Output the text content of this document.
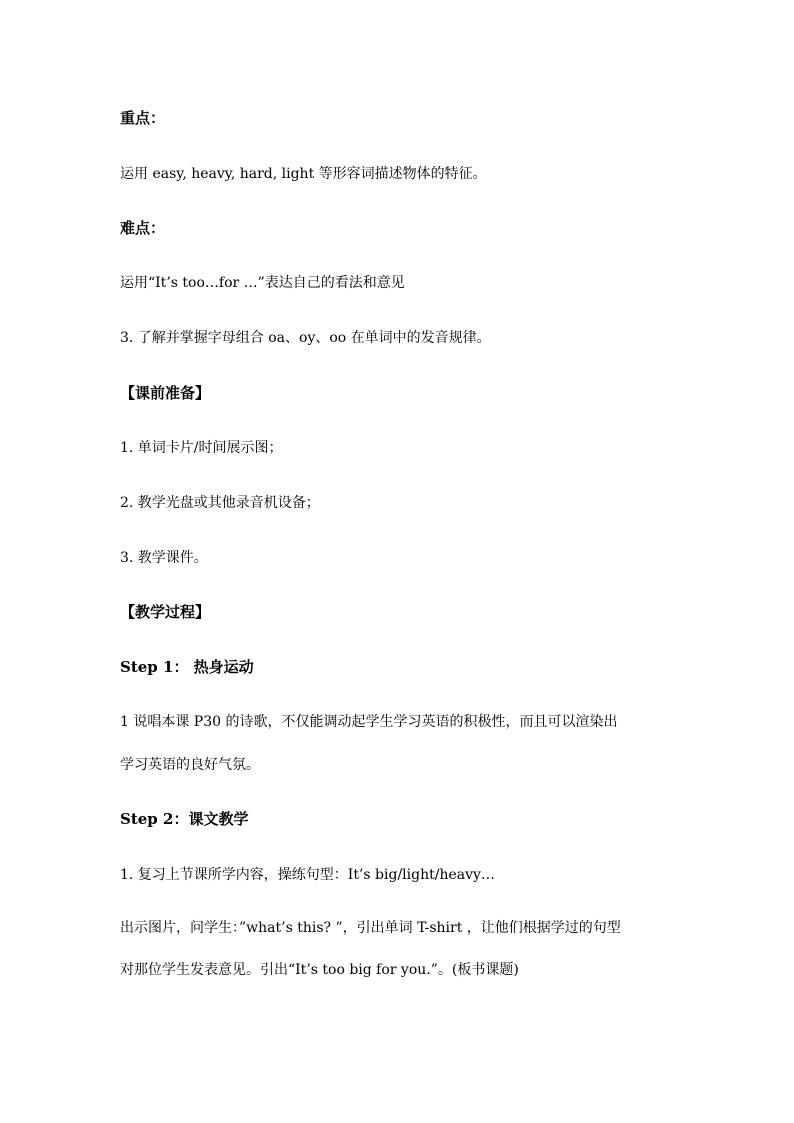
重点：
运用 easy, heavy, hard, light 等形容词描述物体的特征。
难点：
运用“It’s too…for …”表达自己的看法和意见
3. 了解并掌握字母组合 oa、oy、oo 在单词中的发音规律。
【课前准备】
1. 单词卡片/时间展示图；
2. 教学光盘或其他录音机设备；
3. 教学课件。
【教学过程】
Step 1： 热身运动
1 说唱本课 P30 的诗歌，不仅能调动起学生学习英语的积极性，而且可以渲染出
学习英语的良好气氛。
Step 2：课文教学
1. 复习上节课所学内容，操练句型：It’s big/light/heavy…
出示图片，问学生：”what’s this? ”，引出单词 T-shirt ，让他们根据学过的句型
对那位学生发表意见。引出“It’s too big for you.”。(板书课题)
